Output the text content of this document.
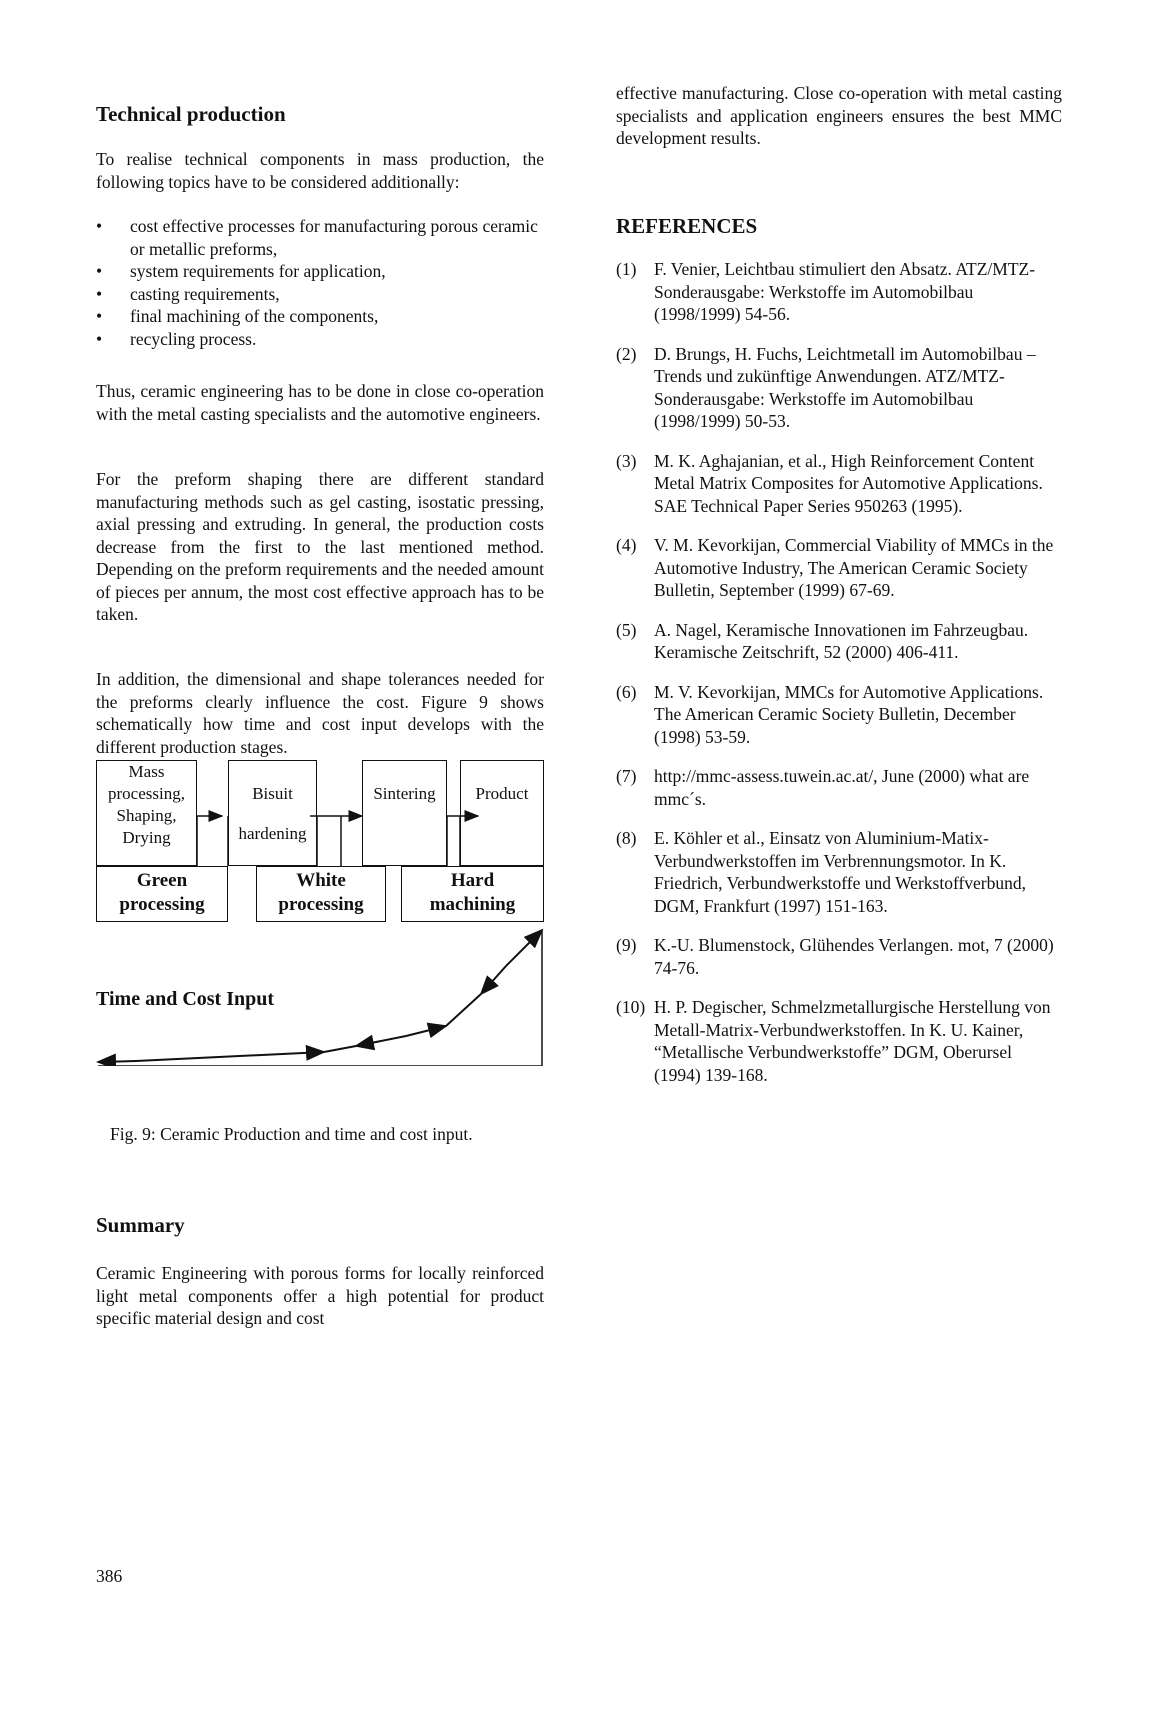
Technical production

To realise technical components in mass production, the following topics have to be considered additionally:

• cost effective processes for manufacturing porous ceramic or metallic preforms,
• system requirements for application,
• casting requirements,
• final machining of the components,
• recycling process.

Thus, ceramic engineering has to be done in close co-operation with the metal casting specialists and the automotive engineers.

For the preform shaping there are different standard manufacturing methods such as gel casting, isostatic pressing, axial pressing and extruding. In general, the production costs decrease from the first to the last mentioned method. Depending on the preform requirements and the needed amount of pieces per annum, the most cost effective approach has to be taken.

In addition, the dimensional and shape tolerances needed for the preforms clearly influence the cost. Figure 9 shows schematically how time and cost input develops with the different production stages.

Mass
processing,
Shaping,
Drying
Bisuit
hardening
Sintering	Product
Green
processing
White
processing
Hard
machining
Time and Cost Input
Fig. 9: Ceramic Production and time and cost input.
Summary

Ceramic Engineering with porous forms for locally reinforced light metal components offer a high potential for product specific material design and cost

effective manufacturing. Close co-operation with metal casting specialists and application engineers ensures the best MMC development results.

REFERENCES
(1) F. Venier, Leichtbau stimuliert den Absatz. ATZ/MTZ-Sonderausgabe: Werkstoffe im Automobilbau (1998/1999) 54-56.
(2) D. Brungs, H. Fuchs, Leichtmetall im Automobilbau – Trends und zukünftige Anwendungen. ATZ/MTZ-Sonderausgabe: Werkstoffe im Automobilbau (1998/1999) 50-53.
(3) M. K. Aghajanian, et al., High Reinforcement Content Metal Matrix Composites for Automotive Applications. SAE Technical Paper Series 950263 (1995).
(4) V. M. Kevorkijan, Commercial Viability of MMCs in the Automotive Industry, The American Ceramic Society Bulletin, September (1999) 67-69.
(5) A. Nagel, Keramische Innovationen im Fahrzeugbau. Keramische Zeitschrift, 52 (2000) 406-411.
(6) M. V. Kevorkijan, MMCs for Automotive Applications. The American Ceramic Society Bulletin, December (1998) 53-59.
(7) http://mmc-assess.tuwein.ac.at/, June (2000) what are mmc´s.
(8) E. Köhler et al., Einsatz von Aluminium-Matix-Verbundwerkstoffen im Verbrennungsmotor. In K. Friedrich, Verbundwerkstoffe und Werkstoffverbund, DGM, Frankfurt (1997) 151-163.
(9) K.-U. Blumenstock, Glühendes Verlangen. mot, 7 (2000) 74-76.
(10) H. P. Degischer, Schmelzmetallurgische Herstellung von Metall-Matrix-Verbundwerkstoffen. In K. U. Kainer, “Metallische Verbundwerkstoffe” DGM, Oberursel (1994) 139-168.
386
